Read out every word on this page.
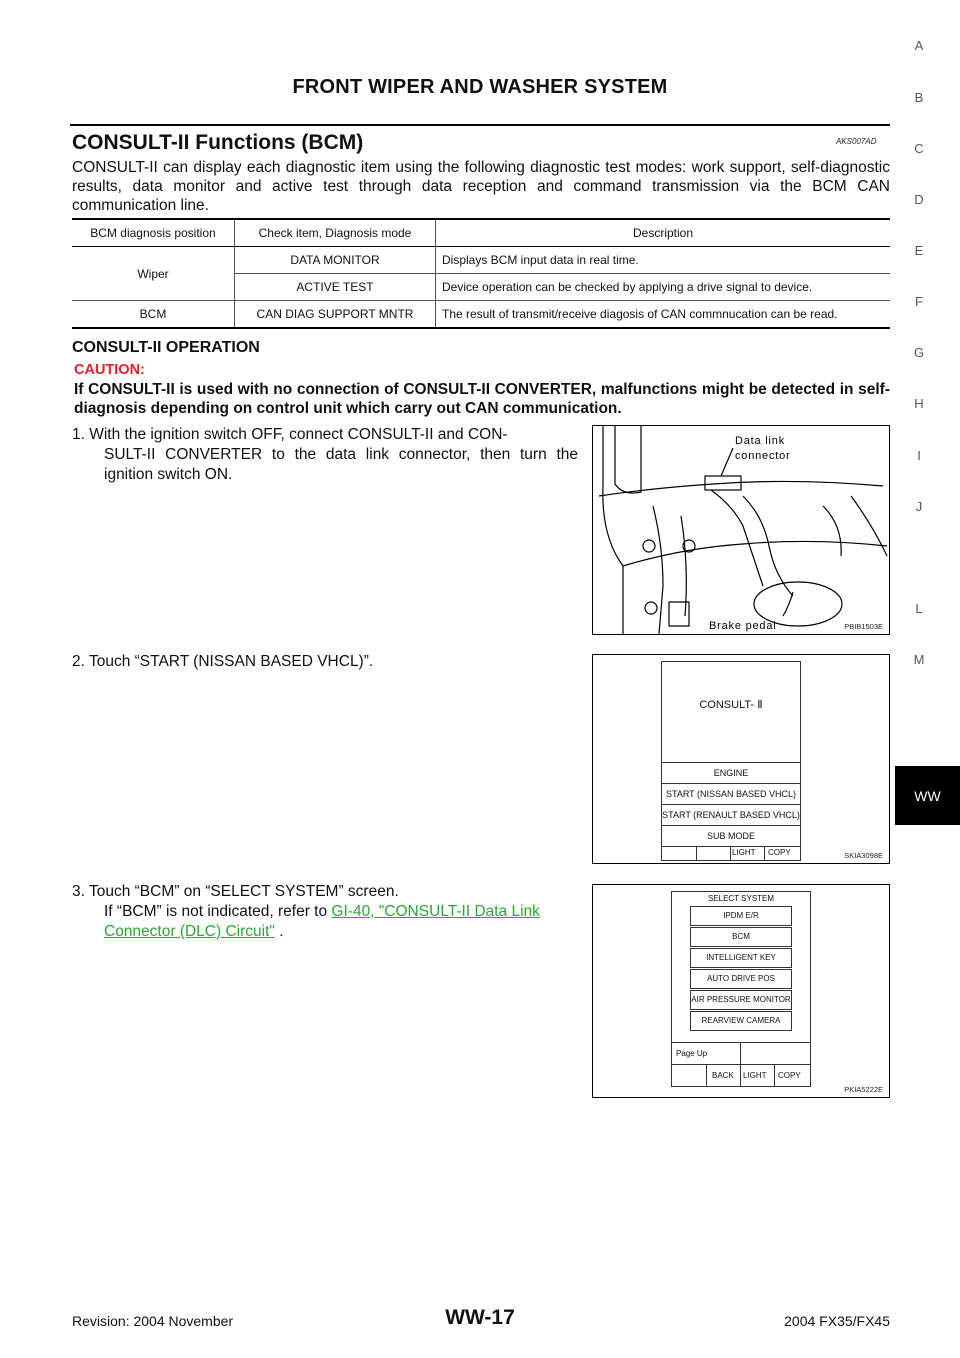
FRONT WIPER AND WASHER SYSTEM
CONSULT-II Functions (BCM)	AKS007AD
CONSULT-II can display each diagnostic item using the following diagnostic test modes: work support, self-diagnostic results, data monitor and active test through data reception and command transmission via the BCM CAN communication line.
BCM diagnosis position	Check item, Diagnosis mode	Description
Wiper	DATA MONITOR	Displays BCM input data in real time.
	ACTIVE TEST	Device operation can be checked by applying a drive signal to device.
BCM	CAN DIAG SUPPORT MNTR	The result of transmit/receive diagosis of CAN commnucation can be read.
CONSULT-II OPERATION
CAUTION:
If CONSULT-II is used with no connection of CONSULT-II CONVERTER, malfunctions might be detected in self-diagnosis depending on control unit which carry out CAN communication.
1. With the ignition switch OFF, connect CONSULT-II and CON-
SULT-II CONVERTER to the data link connector, then turn the ignition switch ON.
2. Touch “START (NISSAN BASED VHCL)”.
3. Touch “BCM” on “SELECT SYSTEM” screen.
If “BCM” is not indicated, refer to GI-40, "CONSULT-II Data Link Connector (DLC) Circuit" .
Data link
connector
Brake pedal	PBIB1503E
CONSULT- Ⅱ
ENGINE
START (NISSAN BASED VHCL)
START (RENAULT BASED VHCL)
SUB MODE
LIGHT COPY	SKIA3098E
SELECT SYSTEM
IPDM E/R
BCM
INTELLIGENT KEY
AUTO DRIVE POS
AIR PRESSURE MONITOR
REARVIEW CAMERA
Page Up
BACK LIGHT COPY
PKIA5222E
A
B
C
D
E
F
G
H
I
J
WW
L
M
Revision: 2004 November	WW-17	2004 FX35/FX45
